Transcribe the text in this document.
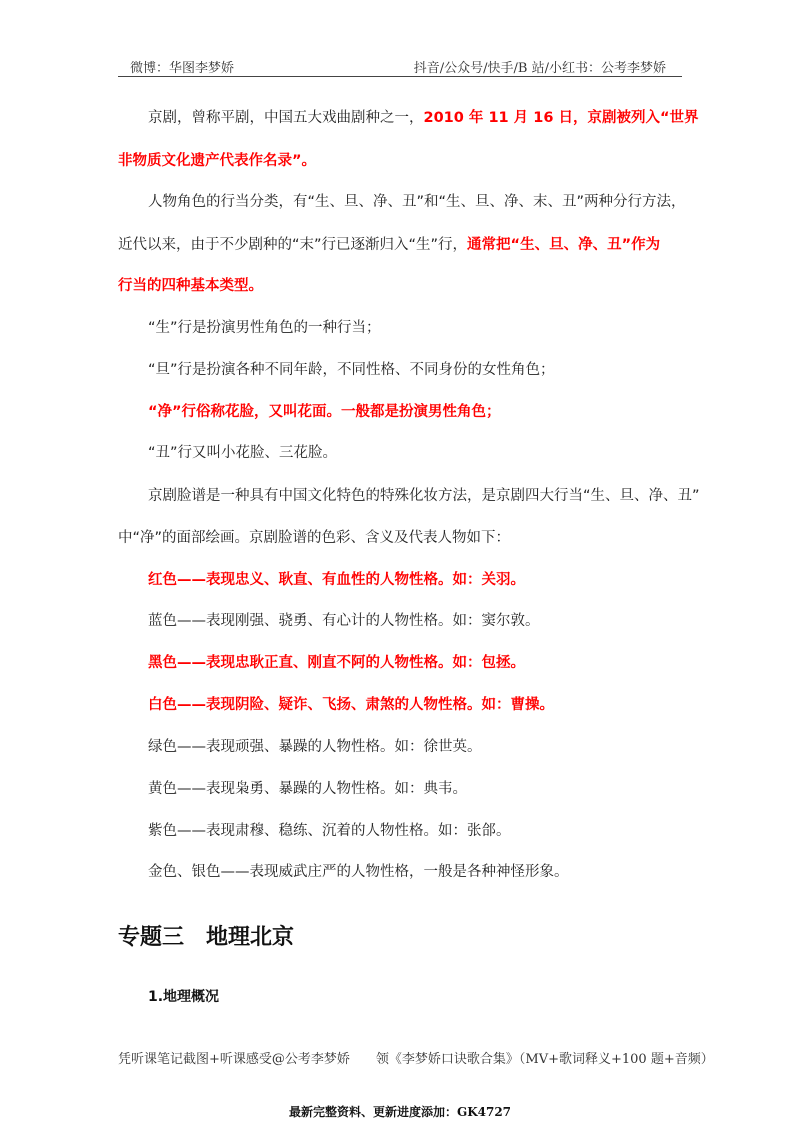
微博：华图李梦娇	抖音/公众号/快手/B 站/小红书：公考李梦娇
京剧，曾称平剧，中国五大戏曲剧种之一，2010 年 11 月 16 日，京剧被列入“世界
非物质文化遗产代表作名录”。
人物角色的行当分类，有“生、旦、净、丑”和“生、旦、净、末、丑”两种分行方法，
近代以来，由于不少剧种的“末”行已逐渐归入“生”行，通常把“生、旦、净、丑”作为
行当的四种基本类型。
“生”行是扮演男性角色的一种行当；
“旦”行是扮演各种不同年龄，不同性格、不同身份的女性角色；
“净”行俗称花脸，又叫花面。一般都是扮演男性角色；
“丑”行又叫小花脸、三花脸。
京剧脸谱是一种具有中国文化特色的特殊化妆方法，是京剧四大行当“生、旦、净、丑”
中“净”的面部绘画。京剧脸谱的色彩、含义及代表人物如下：
红色——表现忠义、耿直、有血性的人物性格。如：关羽。
蓝色——表现刚强、骁勇、有心计的人物性格。如：窦尔敦。
黑色——表现忠耿正直、刚直不阿的人物性格。如：包拯。
白色——表现阴险、疑诈、飞扬、肃煞的人物性格。如：曹操。
绿色——表现顽强、暴躁的人物性格。如：徐世英。
黄色——表现枭勇、暴躁的人物性格。如：典韦。
紫色——表现肃穆、稳练、沉着的人物性格。如：张郃。
金色、银色——表现威武庄严的人物性格，一般是各种神怪形象。
专题三 地理北京
1.地理概况
凭听课笔记截图+听课感受@公考李梦娇 领《李梦娇口诀歌合集》（MV+歌词释义+100 题+音频）
最新完整资料、更新进度添加：GK4727
